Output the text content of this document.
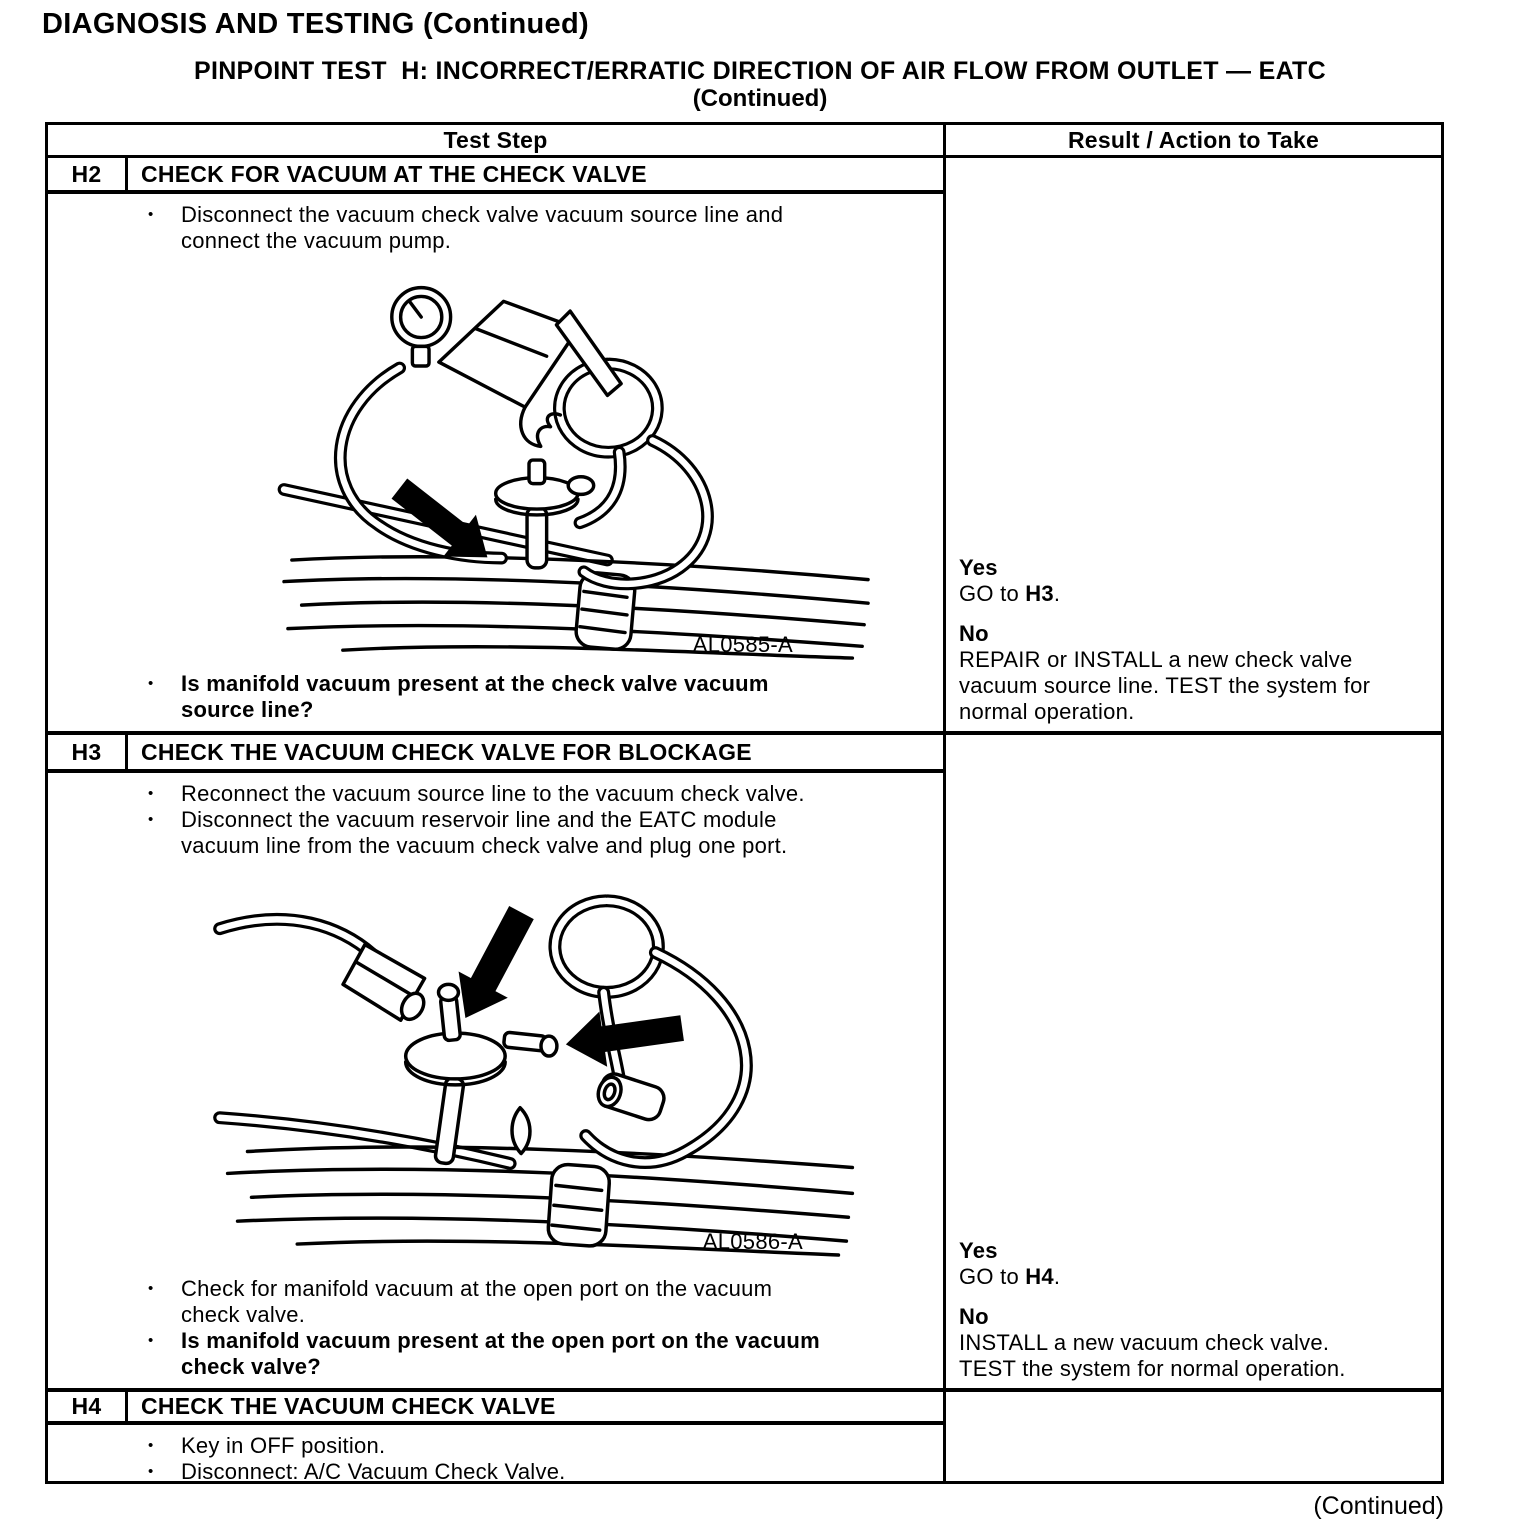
DIAGNOSIS AND TESTING (Continued)
PINPOINT TEST  H: INCORRECT/ERRATIC DIRECTION OF AIR FLOW FROM OUTLET — EATC
(Continued)
Test Step	Result / Action to Take
H2	CHECK FOR VACUUM AT THE CHECK VALVE
•	Disconnect the vacuum check valve vacuum source line and
connect the vacuum pump.
AL0585-A
•	Is manifold vacuum present at the check valve vacuum
source line?
Yes
GO to H3.
No
REPAIR or INSTALL a new check valve
vacuum source line. TEST the system for
normal operation.
H3	CHECK THE VACUUM CHECK VALVE FOR BLOCKAGE
•	Reconnect the vacuum source line to the vacuum check valve.
•	Disconnect the vacuum reservoir line and the EATC module
vacuum line from the vacuum check valve and plug one port.
AL0586-A
•	Check for manifold vacuum at the open port on the vacuum
check valve.
•	Is manifold vacuum present at the open port on the vacuum
check valve?
Yes
GO to H4.
No
INSTALL a new vacuum check valve.
TEST the system for normal operation.
H4	CHECK THE VACUUM CHECK VALVE
•	Key in OFF position.
•	Disconnect: A/C Vacuum Check Valve.
(Continued)
